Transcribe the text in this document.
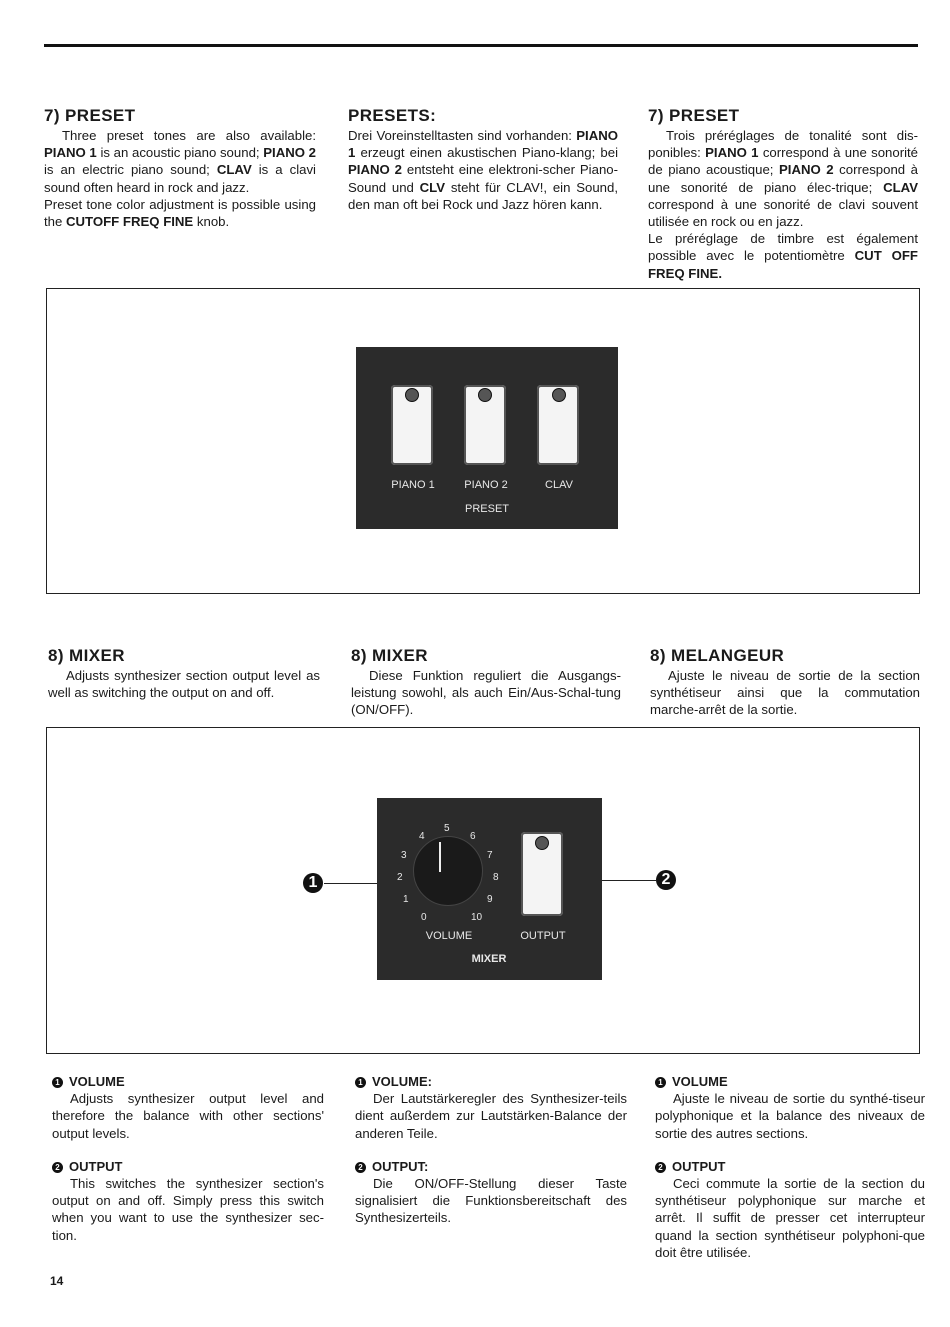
7) PRESET

Three preset tones are also available: PIANO 1 is an acoustic piano sound; PIANO 2 is an electric piano sound; CLAV is a clavi sound often heard in rock and jazz.

Preset tone color adjustment is possible using the CUTOFF FREQ FINE knob.

PRESETS:

Drei Voreinstelltasten sind vorhanden: PIANO 1 erzeugt einen akustischen Piano-klang; bei PIANO 2 entsteht eine elektroni-scher Piano-Sound und CLV steht für CLAV!, ein Sound, den man oft bei Rock und Jazz hören kann.

7) PRESET

Trois préréglages de tonalité sont dis-ponibles: PIANO 1 correspond à une sonorité de piano acoustique; PIANO 2 correspond à une sonorité de piano élec-trique; CLAV correspond à une sonorité de clavi souvent utilisée en rock ou en jazz.

Le préréglage de timbre est également possible avec le potentiomètre CUT OFF FREQ FINE.

PIANO 1	PIANO 2	CLAV
PRESET
8) MIXER

Adjusts synthesizer section output level as well as switching the output on and off.

8) MIXER

Diese Funktion reguliert die Ausgangs-leistung sowohl, als auch Ein/Aus-Schal-tung (ON/OFF).

8) MELANGEUR

Ajuste le niveau de sortie de la section synthétiseur ainsi que la commutation marche-arrêt de la sortie.

0
1
2
3
4
5
6
7
8
9
10
VOLUME	OUTPUT
MIXER
1	2

1 VOLUME

Adjusts synthesizer output level and therefore the balance with other sections' output levels.

2 OUTPUT

This switches the synthesizer section's output on and off. Simply press this switch when you want to use the synthesizer sec-tion.

1 VOLUME:

Der Lautstärkeregler des Synthesizer-teils dient außerdem zur Lautstärken-Balance der anderen Teile.

2 OUTPUT:

Die ON/OFF-Stellung dieser Taste signalisiert die Funktionsbereitschaft des Synthesizerteils.

1 VOLUME

Ajuste le niveau de sortie du synthé-tiseur polyphonique et la balance des niveaux de sortie des autres sections.

2 OUTPUT

Ceci commute la sortie de la section du synthétiseur polyphonique sur marche et arrêt. Il suffit de presser cet interrupteur quand la section synthétiseur polyphoni-que doit être utilisée.

14
